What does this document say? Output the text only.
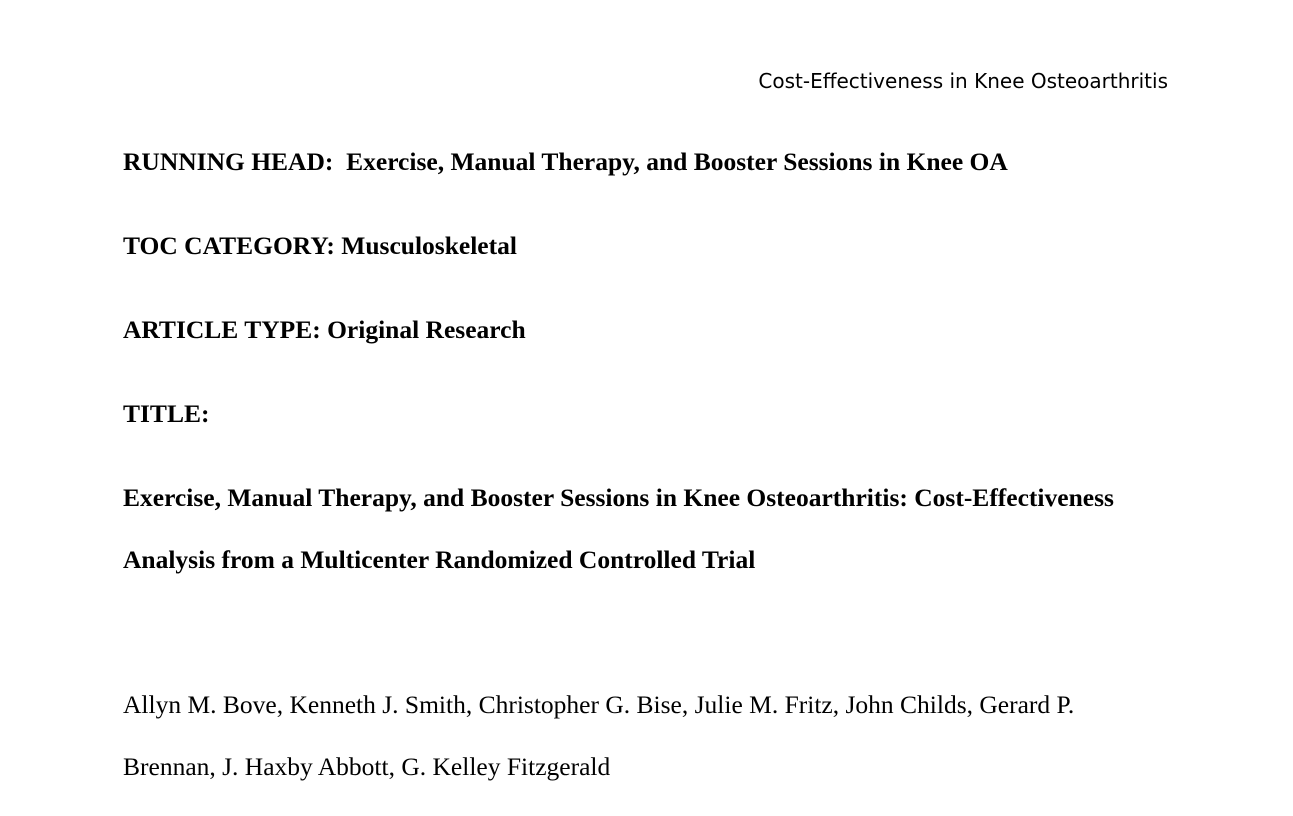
Cost-Effectiveness in Knee Osteoarthritis

RUNNING HEAD:  Exercise, Manual Therapy, and Booster Sessions in Knee OA

TOC CATEGORY: Musculoskeletal

ARTICLE TYPE: Original Research

TITLE:

Exercise, Manual Therapy, and Booster Sessions in Knee Osteoarthritis: Cost-Effectiveness

Analysis from a Multicenter Randomized Controlled Trial

Allyn M. Bove, Kenneth J. Smith, Christopher G. Bise, Julie M. Fritz, John Childs, Gerard P.

Brennan, J. Haxby Abbott, G. Kelley Fitzgerald
